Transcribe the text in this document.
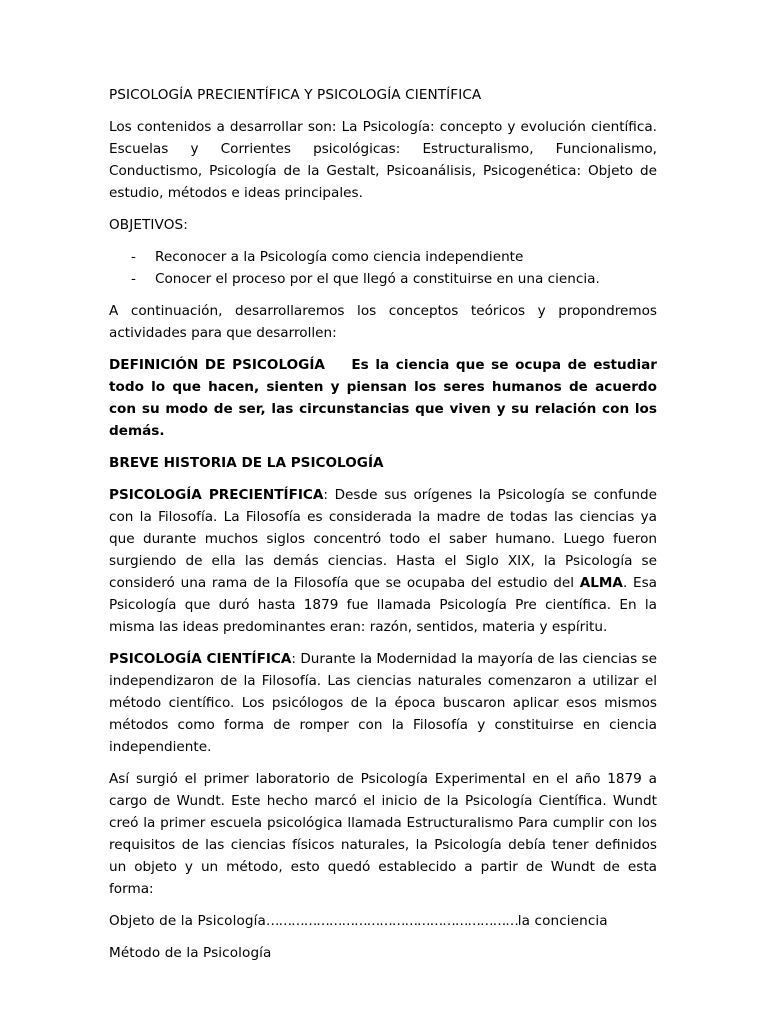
PSICOLOGÍA PRECIENTÍFICA Y PSICOLOGÍA CIENTÍFICA
Los contenidos a desarrollar son: La Psicología: concepto y evolución científica. Escuelas y Corrientes psicológicas: Estructuralismo, Funcionalismo, Conductismo, Psicología de la Gestalt, Psicoanálisis, Psicogenética: Objeto de estudio, métodos e ideas principales.
OBJETIVOS:
- Reconocer a la Psicología como ciencia independiente
- Conocer el proceso por el que llegó a constituirse en una ciencia.
A continuación, desarrollaremos los conceptos teóricos y propondremos actividades para que desarrollen:
DEFINICIÓN DE PSICOLOGÍA Es la ciencia que se ocupa de estudiar todo lo que hacen, sienten y piensan los seres humanos de acuerdo con su modo de ser, las circunstancias que viven y su relación con los demás.
BREVE HISTORIA DE LA PSICOLOGÍA
PSICOLOGÍA PRECIENTÍFICA: Desde sus orígenes la Psicología se confunde con la Filosofía. La Filosofía es considerada la madre de todas las ciencias ya que durante muchos siglos concentró todo el saber humano. Luego fueron surgiendo de ella las demás ciencias. Hasta el Siglo XIX, la Psicología se consideró una rama de la Filosofía que se ocupaba del estudio del ALMA. Esa Psicología que duró hasta 1879 fue llamada Psicología Pre científica. En la misma las ideas predominantes eran: razón, sentidos, materia y espíritu.
PSICOLOGÍA CIENTÍFICA: Durante la Modernidad la mayoría de las ciencias se independizaron de la Filosofía. Las ciencias naturales comenzaron a utilizar el método científico. Los psicólogos de la época buscaron aplicar esos mismos métodos como forma de romper con la Filosofía y constituirse en ciencia independiente.
Así surgió el primer laboratorio de Psicología Experimental en el año 1879 a cargo de Wundt. Este hecho marcó el inicio de la Psicología Científica. Wundt creó la primer escuela psicológica llamada Estructuralismo Para cumplir con los requisitos de las ciencias físicos naturales, la Psicología debía tener definidos un objeto y un método, esto quedó establecido a partir de Wundt de esta forma:
Objeto de la Psicología……………………………………………………la conciencia
Método de la Psicología
